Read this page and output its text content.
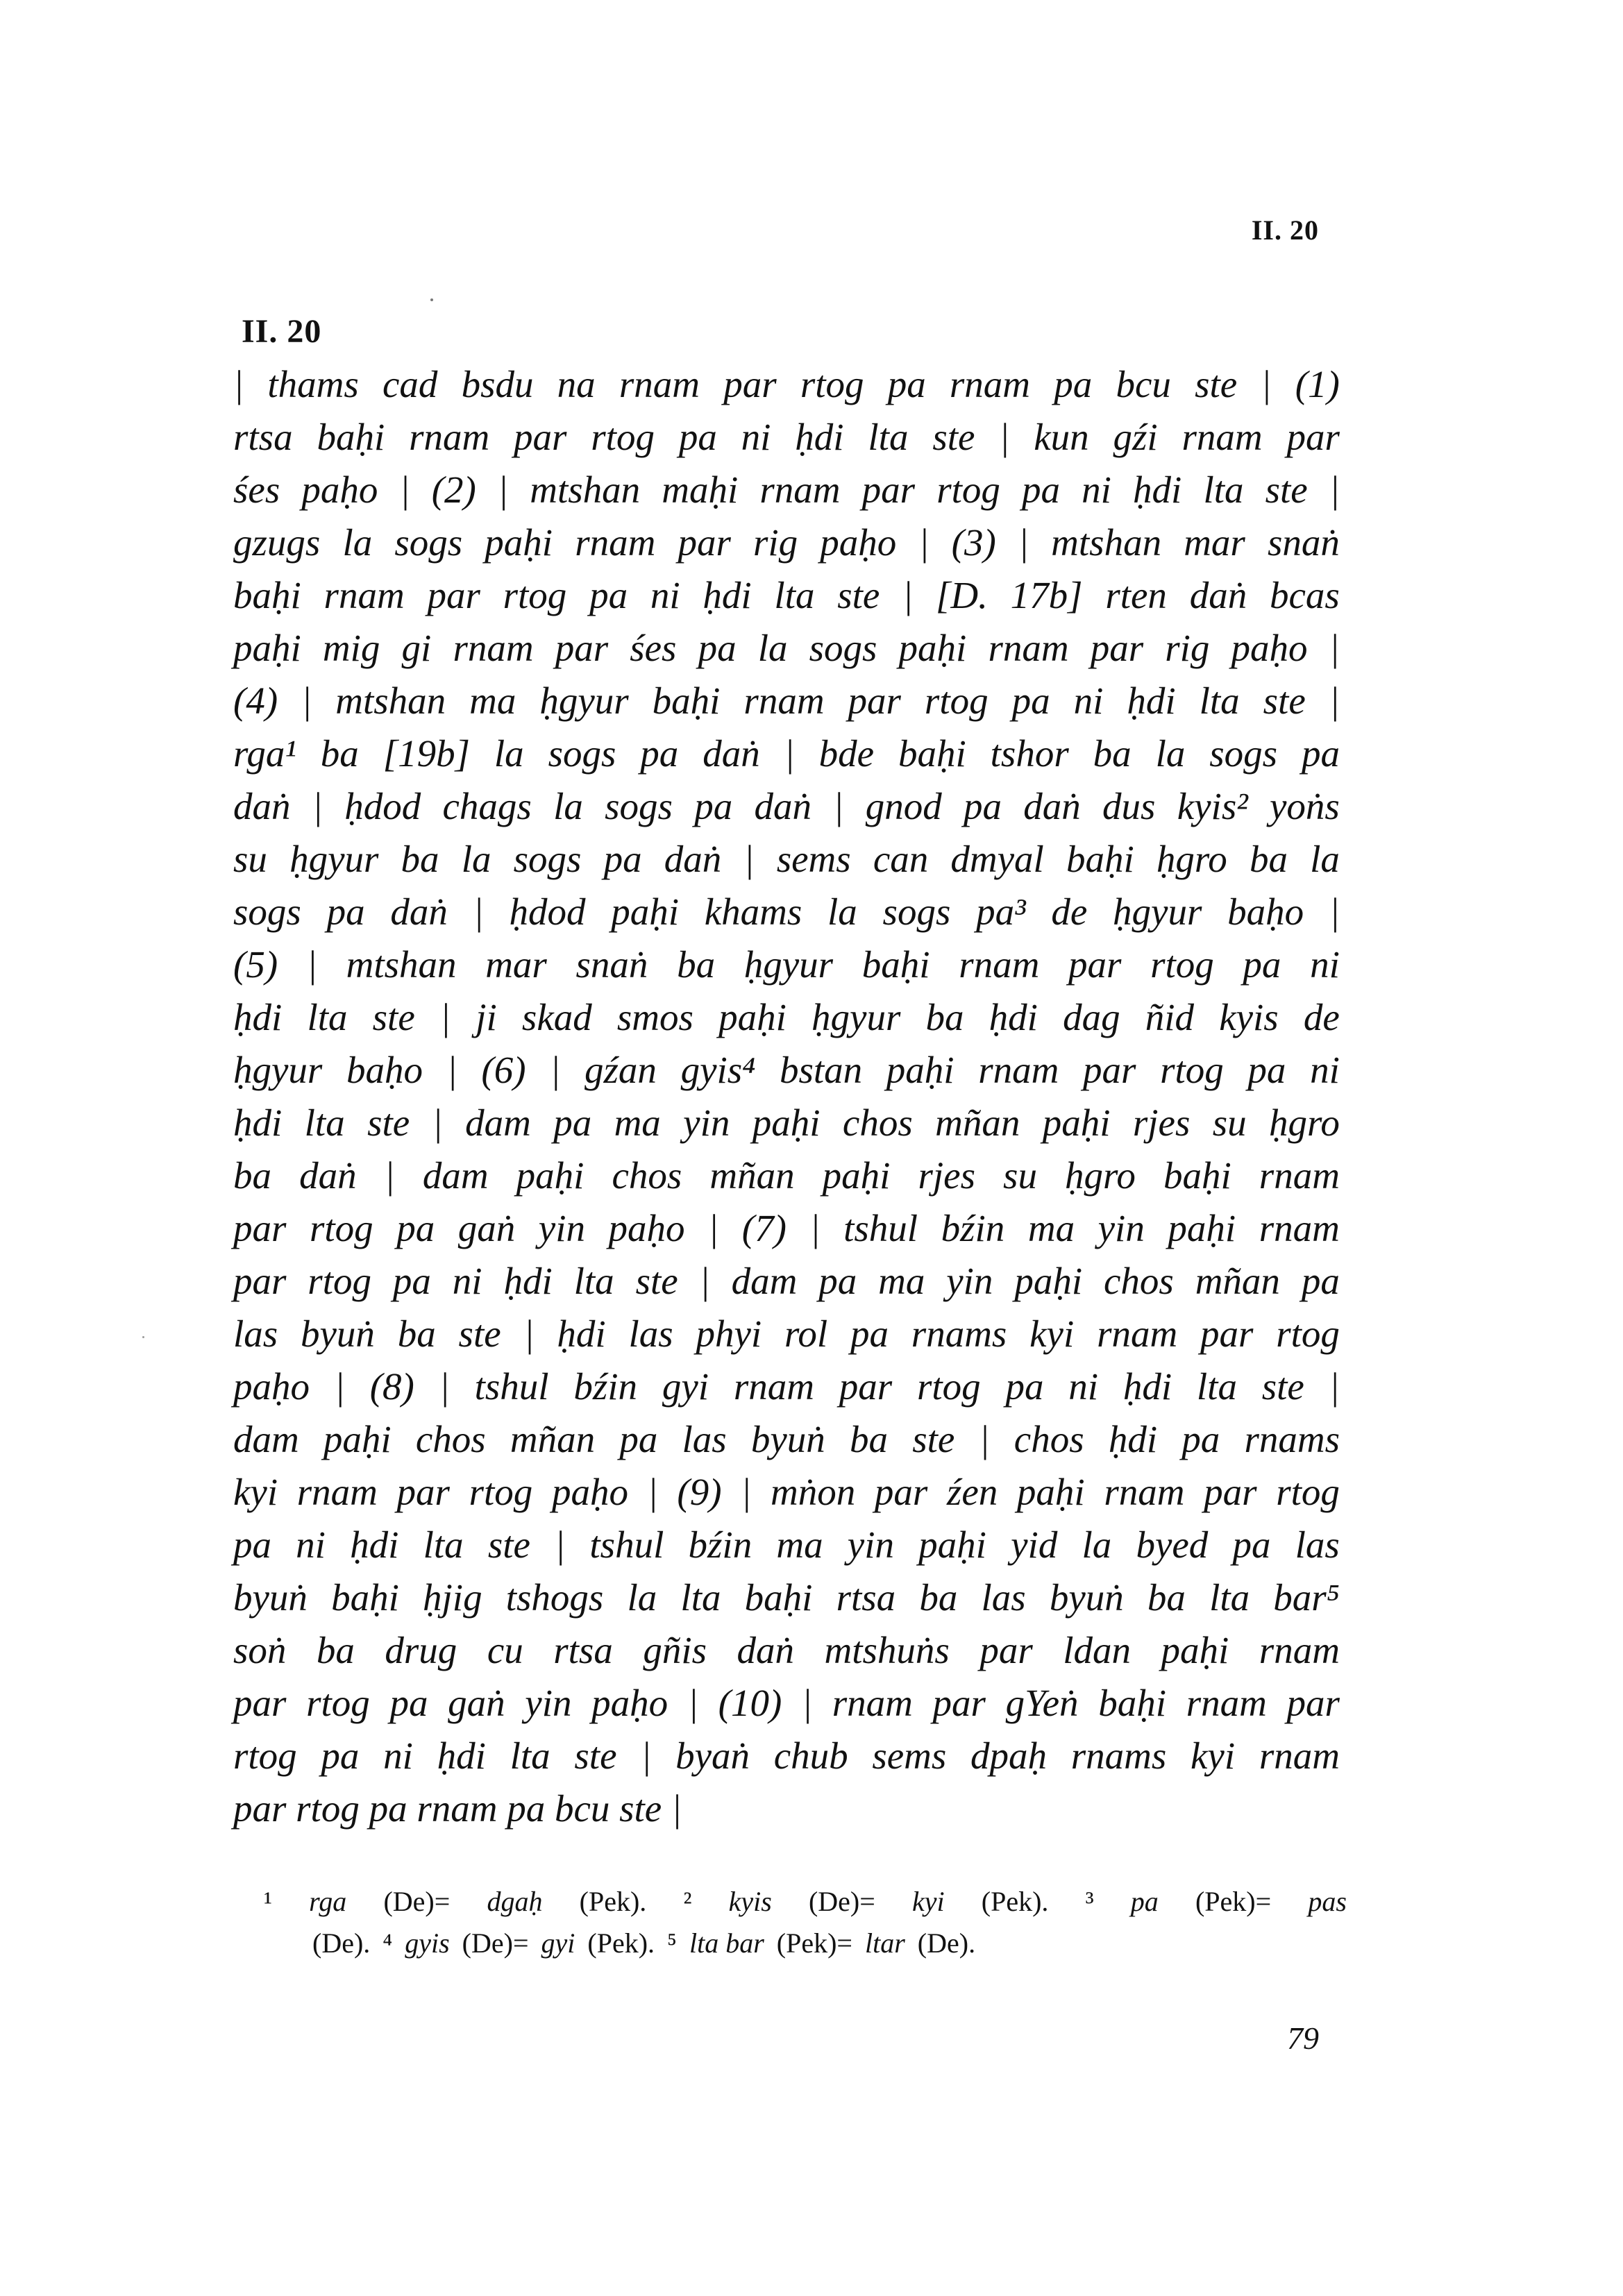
II. 20
II. 20
| thams cad bsdu na rnam par rtog pa rnam pa bcu ste | (1)
rtsa baḥi rnam par rtog pa ni ḥdi lta ste | kun gźi rnam par
śes paḥo | (2) | mtshan maḥi rnam par rtog pa ni ḥdi lta ste |
gzugs la sogs paḥi rnam par rig paḥo | (3) | mtshan mar snaṅ
baḥi rnam par rtog pa ni ḥdi lta ste | [D. 17b] rten daṅ bcas
paḥi mig gi rnam par śes pa la sogs paḥi rnam par rig paḥo |
(4) | mtshan ma ḥgyur baḥi rnam par rtog pa ni ḥdi lta ste |
rga¹ ba [19b] la sogs pa daṅ | bde baḥi tshor ba la sogs pa
daṅ | ḥdod chags la sogs pa daṅ | gnod pa daṅ dus kyis² yoṅs
su ḥgyur ba la sogs pa daṅ | sems can dmyal baḥi ḥgro ba la
sogs pa daṅ | ḥdod paḥi khams la sogs pa³ de ḥgyur baḥo |
(5) | mtshan mar snaṅ ba ḥgyur baḥi rnam par rtog pa ni
ḥdi lta ste | ji skad smos paḥi ḥgyur ba ḥdi dag ñid kyis de
ḥgyur baḥo | (6) | gźan gyis⁴ bstan paḥi rnam par rtog pa ni
ḥdi lta ste | dam pa ma yin paḥi chos mñan paḥi rjes su ḥgro
ba daṅ | dam paḥi chos mñan paḥi rjes su ḥgro baḥi rnam
par rtog pa gaṅ yin paḥo | (7) | tshul bźin ma yin paḥi rnam
par rtog pa ni ḥdi lta ste | dam pa ma yin paḥi chos mñan pa
las byuṅ ba ste | ḥdi las phyi rol pa rnams kyi rnam par rtog
paḥo | (8) | tshul bźin gyi rnam par rtog pa ni ḥdi lta ste |
dam paḥi chos mñan pa las byuṅ ba ste | chos ḥdi pa rnams
kyi rnam par rtog paḥo | (9) | mṅon par źen paḥi rnam par rtog
pa ni ḥdi lta ste | tshul bźin ma yin paḥi yid la byed pa las
byuṅ baḥi ḥjig tshogs la lta baḥi rtsa ba las byuṅ ba lta bar⁵
soṅ ba drug cu rtsa gñis daṅ mtshuṅs par ldan paḥi rnam
par rtog pa gaṅ yin paḥo | (10) | rnam par gYeṅ baḥi rnam par
rtog pa ni ḥdi lta ste | byaṅ chub sems dpaḥ rnams kyi rnam
par rtog pa rnam pa bcu ste |
¹ rga (De)= dgaḥ (Pek). ² kyis (De)= kyi (Pek). ³ pa (Pek)= pas
(De). ⁴ gyis (De)= gyi (Pek). ⁵ lta bar (Pek)= ltar (De).
79
